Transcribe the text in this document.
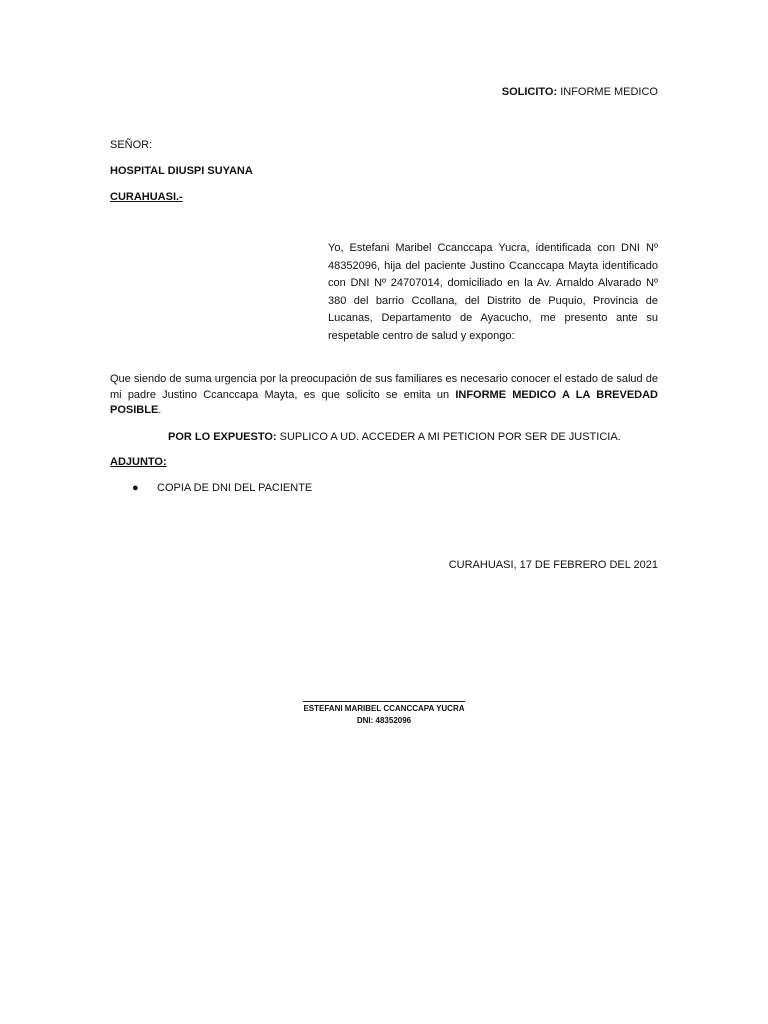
SOLICITO: INFORME MEDICO
SEÑOR:
HOSPITAL DIUSPI SUYANA
CURAHUASI.-
Yo, Estefani Maribel Ccanccapa Yucra, identificada con DNI Nº 48352096, hija del paciente Justino Ccanccapa Mayta identificado con DNI Nº 24707014, domiciliado en la Av. Arnaldo Alvarado Nº 380 del barrio Ccollana, del Distrito de Puquio, Provincia de Lucanas, Departamento de Ayacucho, me presento ante su respetable centro de salud y expongo:
Que siendo de suma urgencia por la preocupación de sus familiares es necesario conocer el estado de salud de mi padre Justino Ccanccapa Mayta, es que solicito se emita un INFORME MEDICO A LA BREVEDAD POSIBLE.
POR LO EXPUESTO: SUPLICO A UD. ACCEDER A MI PETICION POR SER DE JUSTICIA.
ADJUNTO:
● COPIA DE DNI DEL PACIENTE
CURAHUASI, 17 DE FEBRERO DEL 2021
ESTEFANI MARIBEL CCANCCAPA YUCRA
DNI: 48352096
